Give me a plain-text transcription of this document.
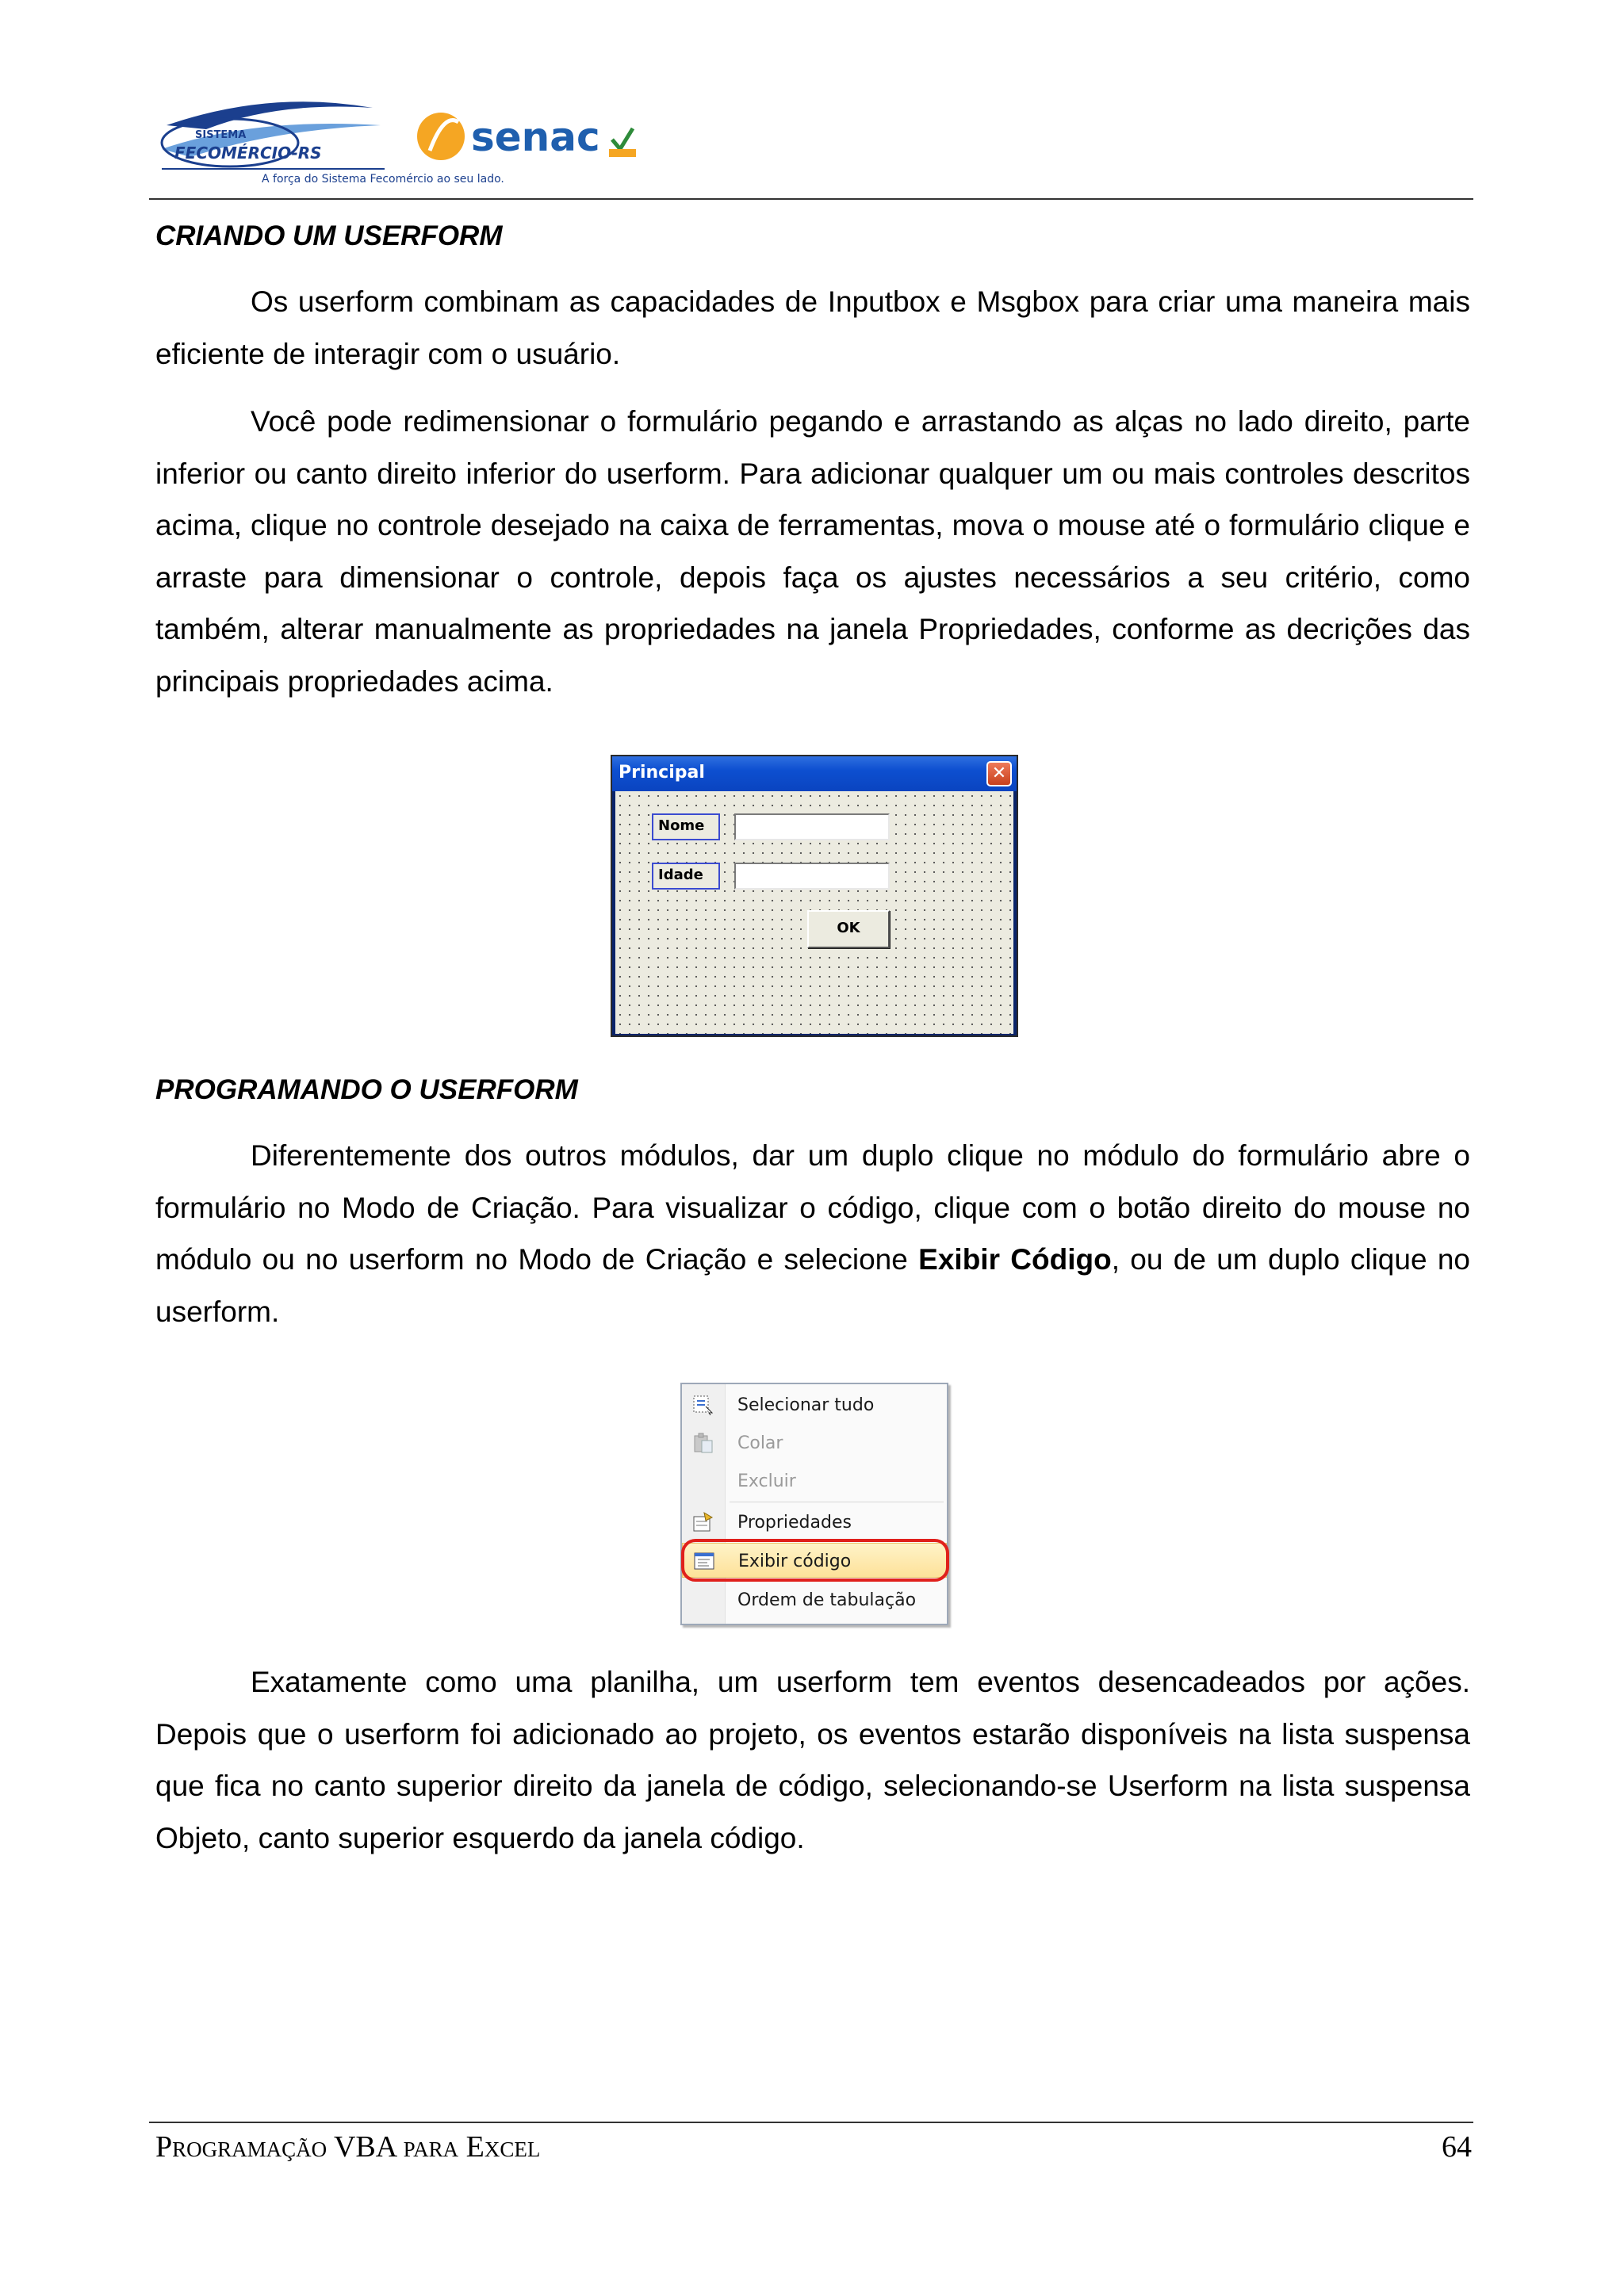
SISTEMA
FECOMÉRCIO-RS
A força do Sistema Fecomércio ao seu lado.
senac
CRIANDO UM USERFORM

Os userform combinam as capacidades de Inputbox e Msgbox para criar uma maneira mais eficiente de interagir com o usuário.

Você pode redimensionar o formulário pegando e arrastando as alças no lado direito, parte inferior ou canto direito inferior do userform. Para adicionar qualquer um ou mais controles descritos acima, clique no controle desejado na caixa de ferramentas, mova o mouse até o formulário clique e arraste para dimensionar o controle, depois faça os ajustes necessários a seu critério, como também, alterar manualmente as propriedades na janela Propriedades, conforme as decrições das principais propriedades acima.

Principal	✕
Nome
Idade
OK
PROGRAMANDO O USERFORM

Diferentemente dos outros módulos, dar um duplo clique no módulo do formulário abre o formulário no Modo de Criação. Para visualizar o código, clique com o botão direito do mouse no módulo ou no userform no Modo de Criação e selecione Exibir Código, ou de um duplo clique no userform.

Selecionar tudo
Colar
Excluir
Propriedades
Exibir código
Ordem de tabulação

Exatamente como uma planilha, um userform tem eventos desencadeados por ações. Depois que o userform foi adicionado ao projeto, os eventos estarão disponíveis na lista suspensa que fica no canto superior direito da janela de código, selecionando-se Userform na lista suspensa Objeto, canto superior esquerdo da janela código.

Programação VBA para Excel	64
